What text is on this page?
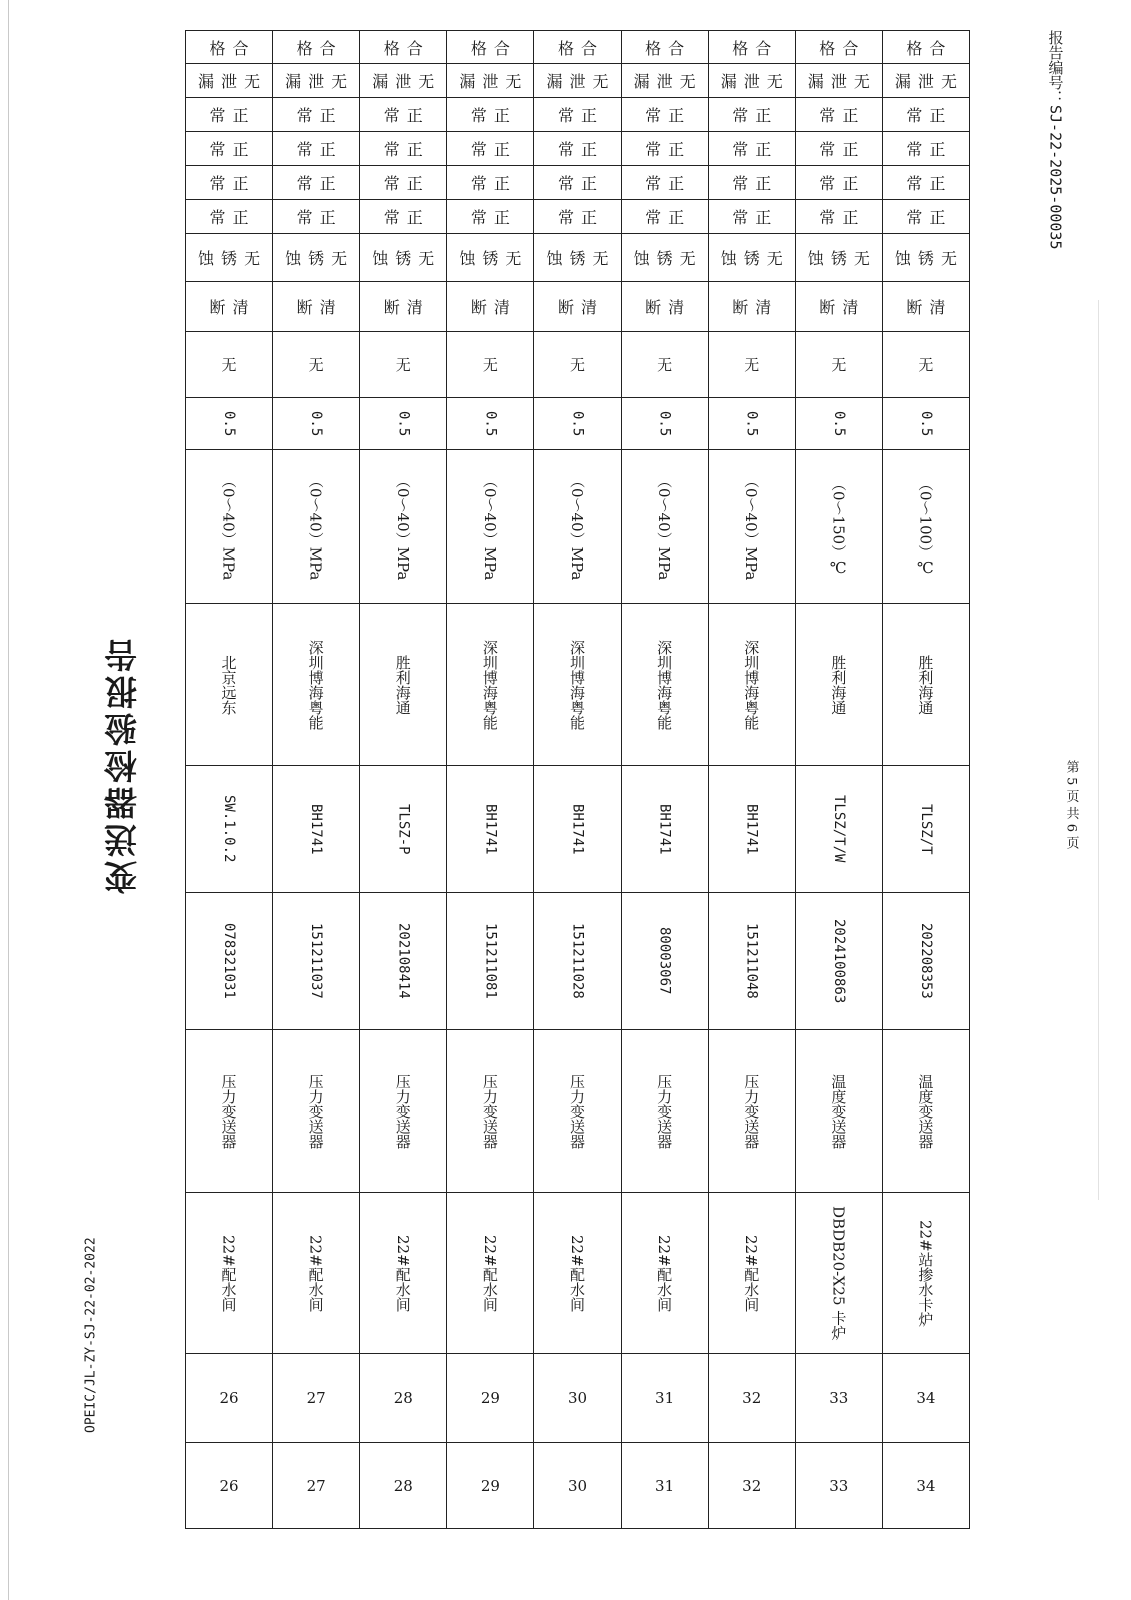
变送器检验报告
OPEIC/JL-ZY-SJ-22-02-2022
报告编号：SJ-22-2025-00035
第 5 页 共 6 页
26
26
22#配水间
压力变送器
078321031
SW.1.0.2
北京远东
（0～40）MPa
0.5
无
清
断
无
锈
蚀
正
常
正
常
正
常
正
常
无
泄
漏
合
格
27
27
22#配水间
压力变送器
151211037
BH1741
深圳博海粤能
（0～40）MPa
0.5
无
清
断
无
锈
蚀
正
常
正
常
正
常
正
常
无
泄
漏
合
格
28
28
22#配水间
压力变送器
202108414
TLSZ-P
胜利海通
（0～40）MPa
0.5
无
清
断
无
锈
蚀
正
常
正
常
正
常
正
常
无
泄
漏
合
格
29
29
22#配水间
压力变送器
151211081
BH1741
深圳博海粤能
（0～40）MPa
0.5
无
清
断
无
锈
蚀
正
常
正
常
正
常
正
常
无
泄
漏
合
格
30
30
22#配水间
压力变送器
151211028
BH1741
深圳博海粤能
（0～40）MPa
0.5
无
清
断
无
锈
蚀
正
常
正
常
正
常
正
常
无
泄
漏
合
格
31
31
22#配水间
压力变送器
80003067
BH1741
深圳博海粤能
（0～40）MPa
0.5
无
清
断
无
锈
蚀
正
常
正
常
正
常
正
常
无
泄
漏
合
格
32
32
22#配水间
压力变送器
151211048
BH1741
深圳博海粤能
（0～40）MPa
0.5
无
清
断
无
锈
蚀
正
常
正
常
正
常
正
常
无
泄
漏
合
格
33
33
DBDB20-X25 卡炉
温度变送器
2024100863
TLSZ/T/W
胜利海通
（0～150）℃
0.5
无
清
断
无
锈
蚀
正
常
正
常
正
常
正
常
无
泄
漏
合
格
34
34
22#站掺水卡炉
温度变送器
202208353
TLSZ/T
胜利海通
（0～100）℃
0.5
无
清
断
无
锈
蚀
正
常
正
常
正
常
正
常
无
泄
漏
合
格
